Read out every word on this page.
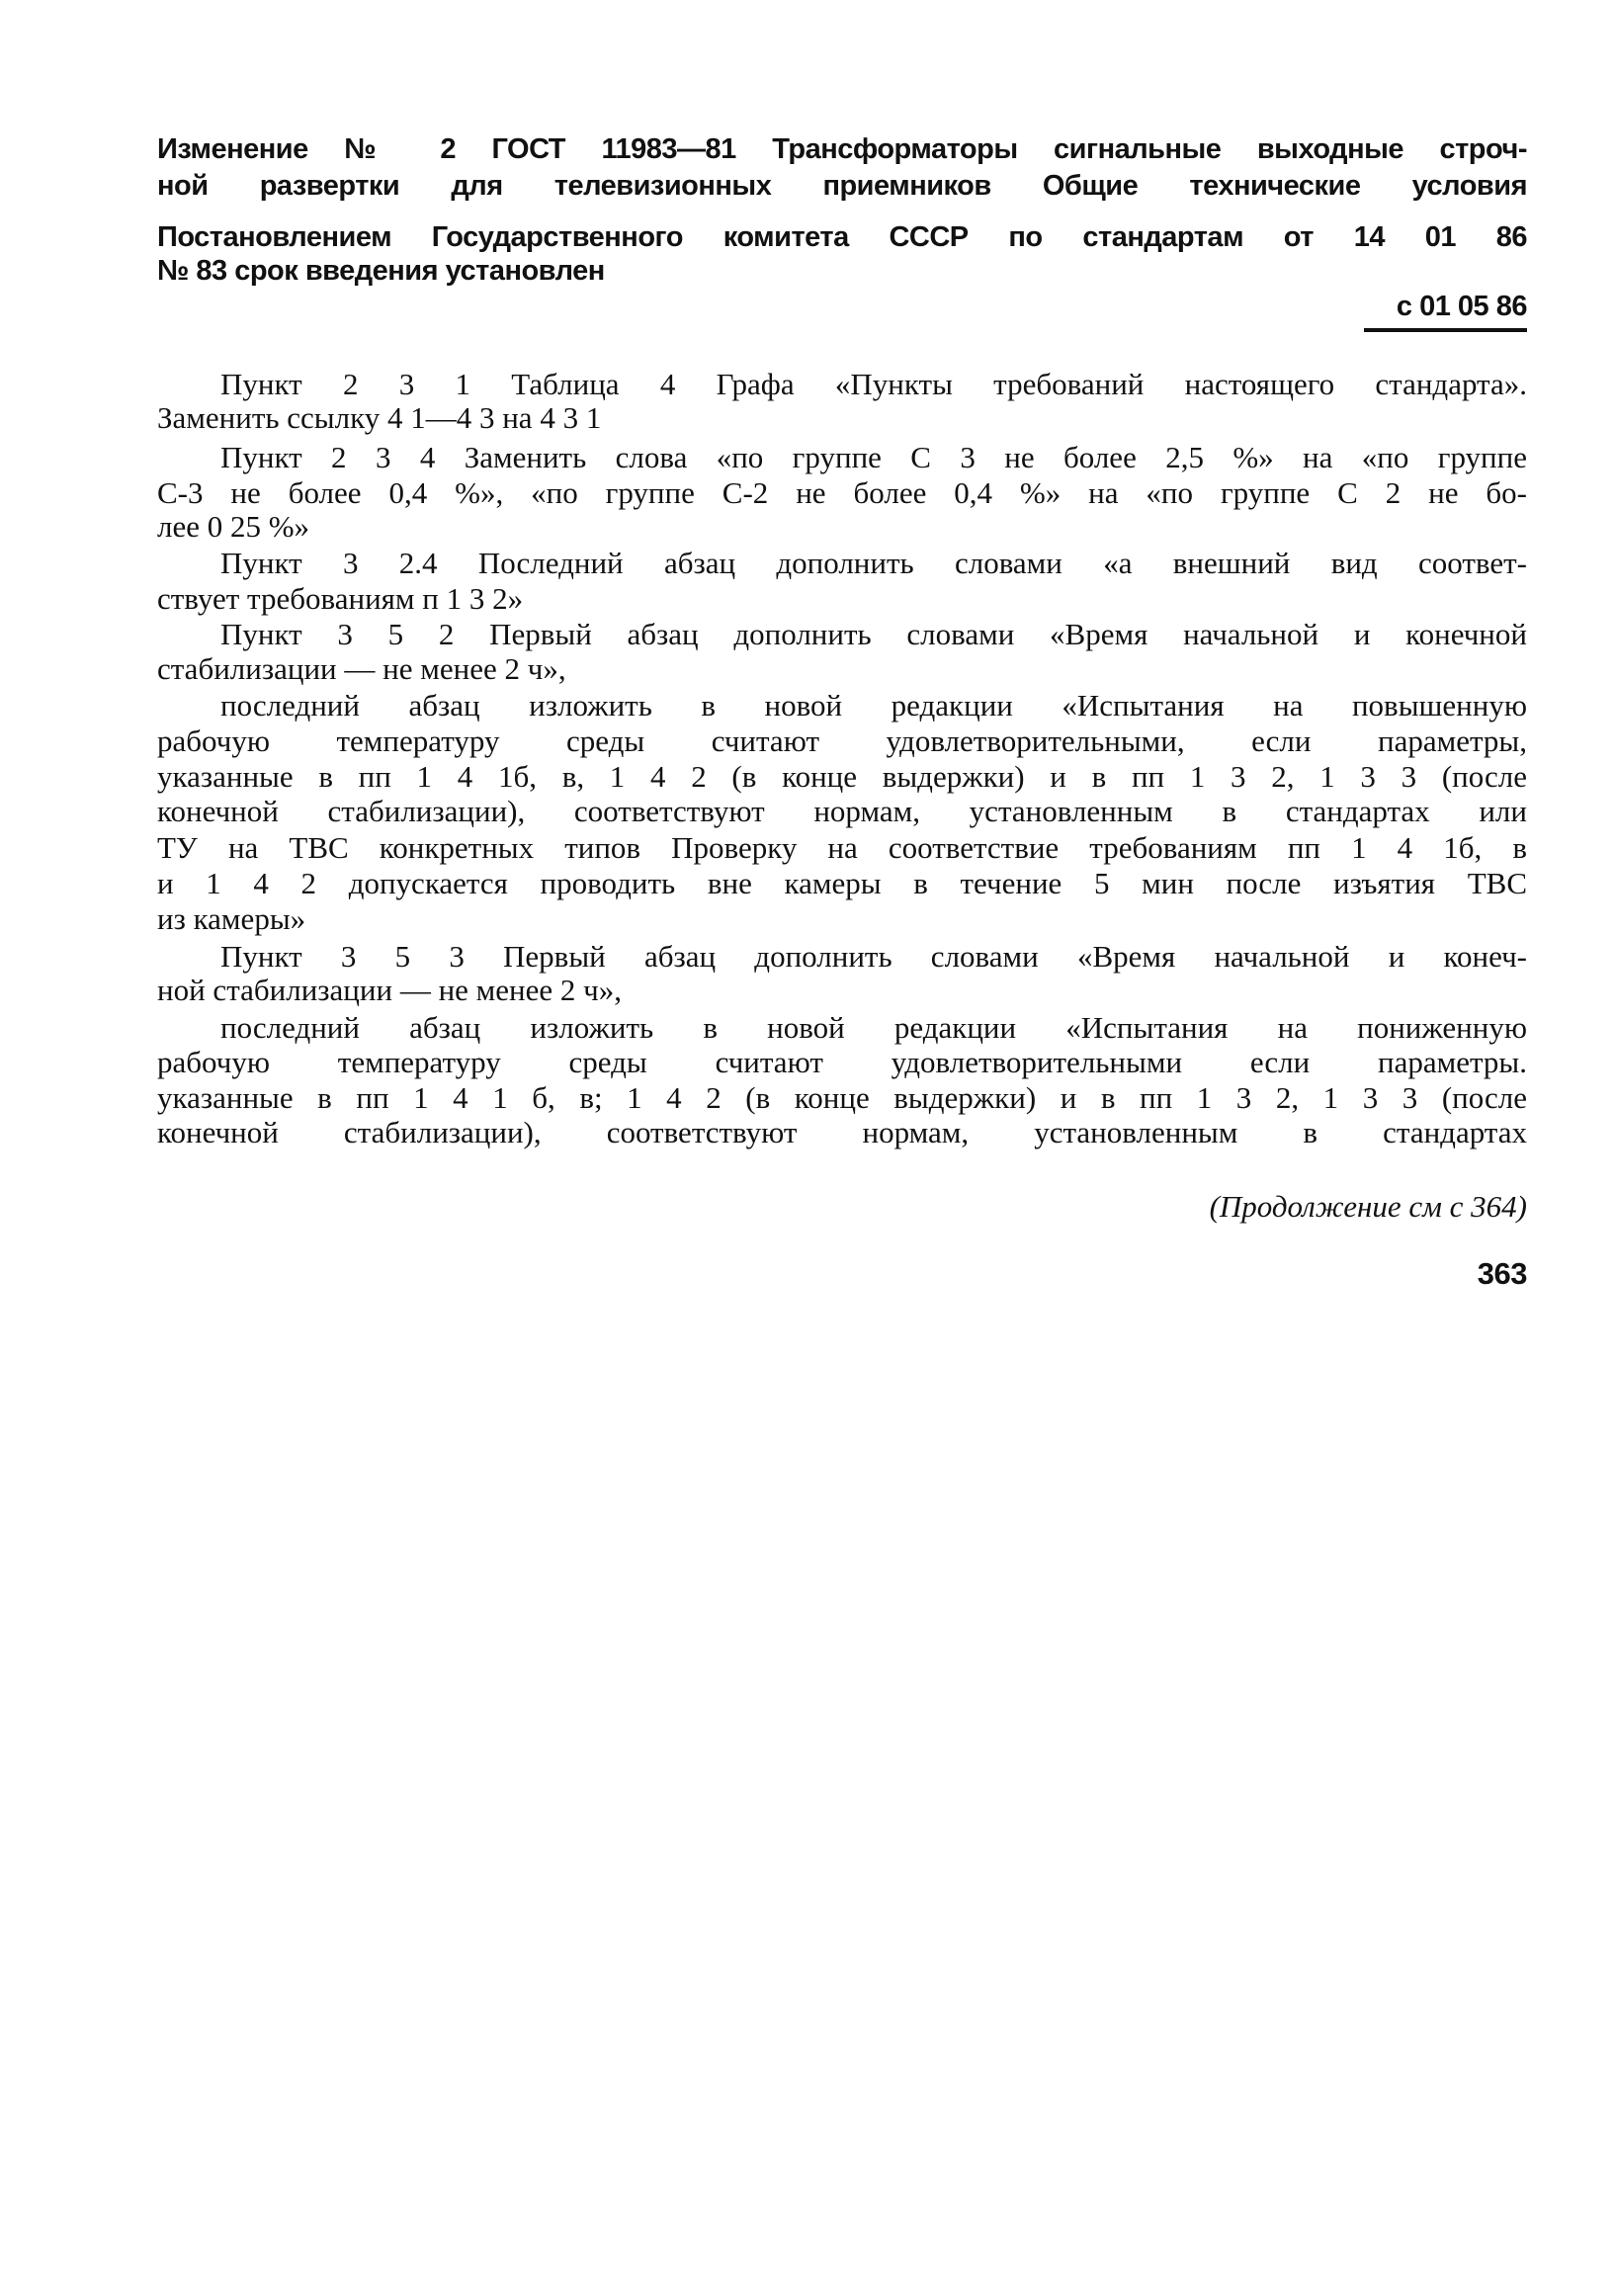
Изменение № 2 ГОСТ 11983—81 Трансформаторы сигнальные выходные строч-
ной развертки для телевизионных приемников Общие технические условия
Постановлением Государственного комитета СССР по стандартам от 14 01 86
№ 83 срок введения установлен
с 01 05 86
Пункт 2 3 1 Таблица 4 Графа «Пункты требований настоящего стандарта».
Заменить ссылку 4 1—4 3 на 4 3 1
Пункт 2 3 4 Заменить слова «по группе С 3 не более 2,5 %» на «по группе
С-3 не более 0,4 %», «по группе С-2 не более 0,4 %» на «по группе С 2 не бо-
лее 0 25 %»
Пункт 3 2.4 Последний абзац дополнить словами «а внешний вид соответ-
ствует требованиям п 1 3 2»
Пункт 3 5 2 Первый абзац дополнить словами «Время начальной и конечной
стабилизации — не менее 2 ч»,
последний абзац изложить в новой редакции «Испытания на повышенную
рабочую температуру среды считают удовлетворительными, если параметры,
указанные в пп 1 4 1б, в, 1 4 2 (в конце выдержки) и в пп 1 3 2, 1 3 3 (после
конечной стабилизации), соответствуют нормам, установленным в стандартах или
ТУ на ТВС конкретных типов Проверку на соответствие требованиям пп 1 4 1б, в
и 1 4 2 допускается проводить вне камеры в течение 5 мин после изъятия ТВС
из камеры»
Пункт 3 5 3 Первый абзац дополнить словами «Время начальной и конеч-
ной стабилизации — не менее 2 ч»,
последний абзац изложить в новой редакции «Испытания на пониженную
рабочую температуру среды считают удовлетворительными если параметры.
указанные в пп 1 4 1 б, в; 1 4 2 (в конце выдержки) и в пп 1 3 2, 1 3 3 (после
конечной стабилизации), соответствуют нормам, установленным в стандартах
(Продолжение см с 364)
363
